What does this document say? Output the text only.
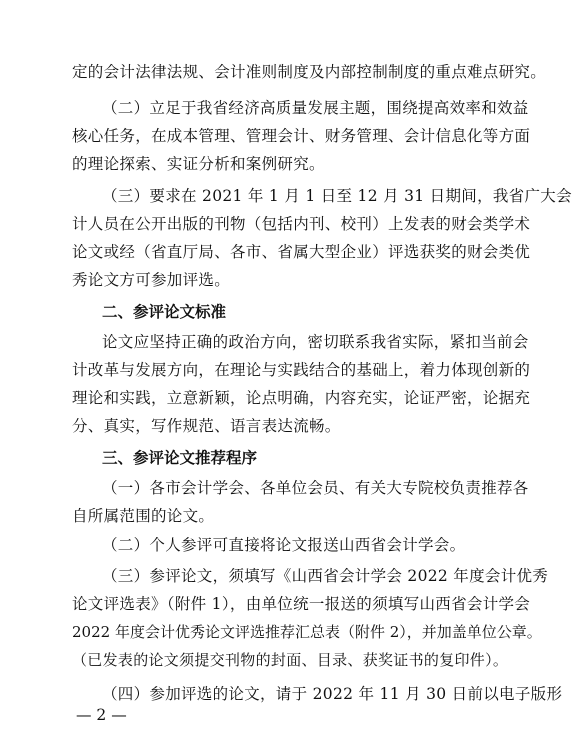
定的会计法律法规、会计准则制度及内部控制制度的重点难点研究。
（二）立足于我省经济高质量发展主题，围绕提高效率和效益
核心任务，在成本管理、管理会计、财务管理、会计信息化等方面
的理论探索、实证分析和案例研究。
（三）要求在 2021 年 1 月 1 日至 12 月 31 日期间，我省广大会
计人员在公开出版的刊物（包括内刊、校刊）上发表的财会类学术
论文或经（省直厅局、各市、省属大型企业）评选获奖的财会类优
秀论文方可参加评选。
二、参评论文标准
论文应坚持正确的政治方向，密切联系我省实际，紧扣当前会
计改革与发展方向，在理论与实践结合的基础上，着力体现创新的
理论和实践，立意新颖，论点明确，内容充实，论证严密，论据充
分、真实，写作规范、语言表达流畅。
三、参评论文推荐程序
（一）各市会计学会、各单位会员、有关大专院校负责推荐各
自所属范围的论文。
（二）个人参评可直接将论文报送山西省会计学会。
（三）参评论文，须填写《山西省会计学会 2022 年度会计优秀
论文评选表》（附件 1），由单位统一报送的须填写山西省会计学会
2022 年度会计优秀论文评选推荐汇总表（附件 2），并加盖单位公章。
（已发表的论文须提交刊物的封面、目录、获奖证书的复印件）。
— 2 —
（四）参加评选的论文，请于 2022 年 11 月 30 日前以电子版形
